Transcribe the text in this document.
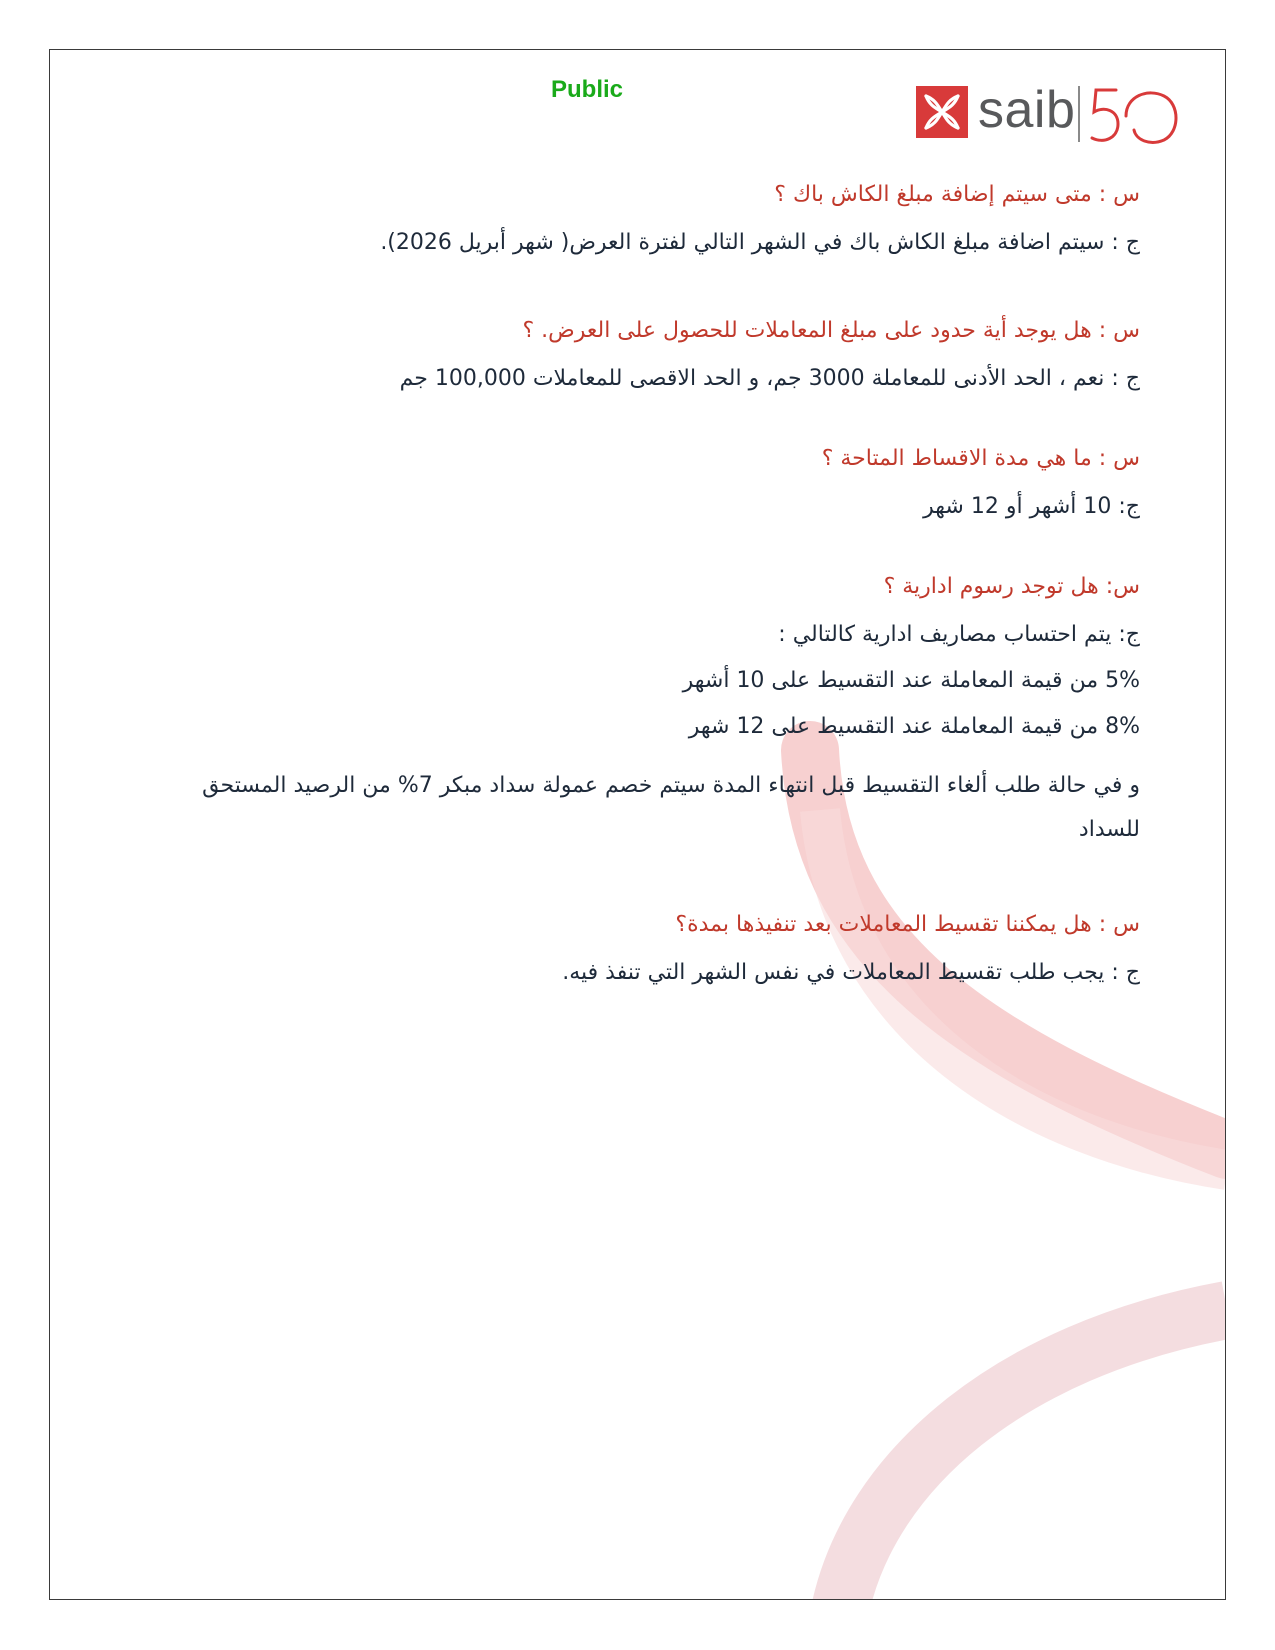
Public	saib

س : متى سيتم إضافة مبلغ الكاش باك ؟

ج : سيتم اضافة مبلغ الكاش باك في الشهر التالي لفترة العرض( شهر أبريل 2026).

س : هل يوجد أية حدود على مبلغ المعاملات للحصول على العرض. ؟

ج : نعم ، الحد الأدنى للمعاملة 3000 جم، و الحد الاقصى للمعاملات 100,000 جم

س : ما هي مدة الاقساط المتاحة ؟

ج: 10 أشهر أو 12 شهر

س: هل توجد رسوم ادارية ؟

ج: يتم احتساب مصاريف ادارية كالتالي :

5% من قيمة المعاملة عند التقسيط على 10 أشهر

8% من قيمة المعاملة عند التقسيط على 12 شهر

و في حالة طلب ألغاء التقسيط قبل انتهاء المدة سيتم خصم عمولة سداد مبكر 7% من الرصيد المستحق للسداد

س : هل يمكننا تقسيط المعاملات بعد تنفيذها بمدة؟

ج : يجب طلب تقسيط المعاملات في نفس الشهر التي تنفذ فيه.
